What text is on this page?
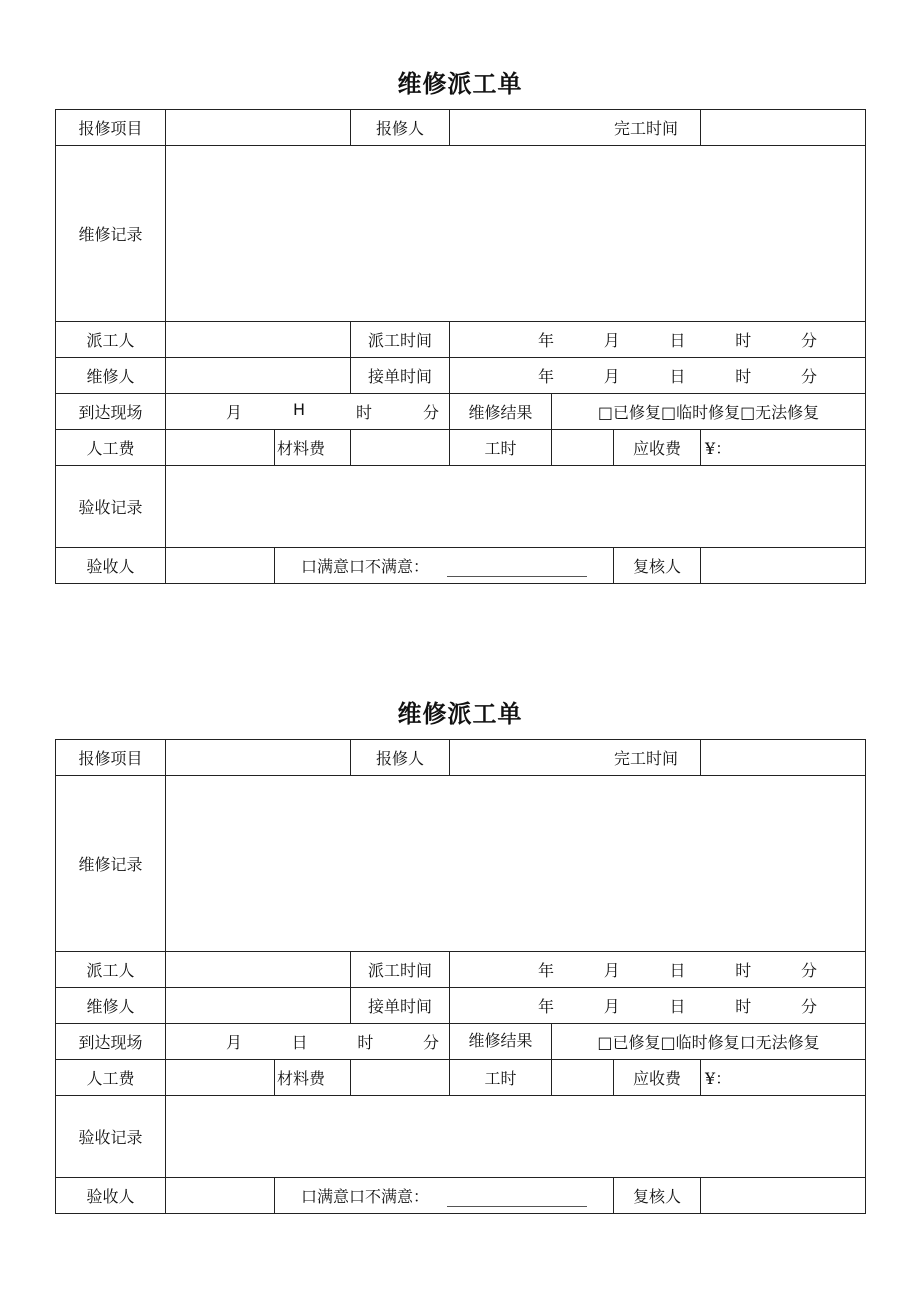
维修派工单
报修项目			报修人	完工时间			
维修记录							
派工人			派工时间	年 月 日 时 分			

维修人			接单时间	年 月 日 时 分			

到达现场	月 H 时 分			维修结果	□已修复□临时修复□无法修复		
人工费		材料费		工时		应收费	¥：
验收记录							
验收人		口满意口不满意：				复核人	
维修派工单
报修项目			报修人	完工时间			
维修记录							
派工人			派工时间	年 月 日 时 分			

维修人			接单时间	年 月 日 时 分			

到达现场	月 日 时 分			维修结果	□已修复□临时修复口无法修复		
人工费		材料费		工时		应收费	¥：
验收记录							
验收人		口满意口不满意：				复核人	
